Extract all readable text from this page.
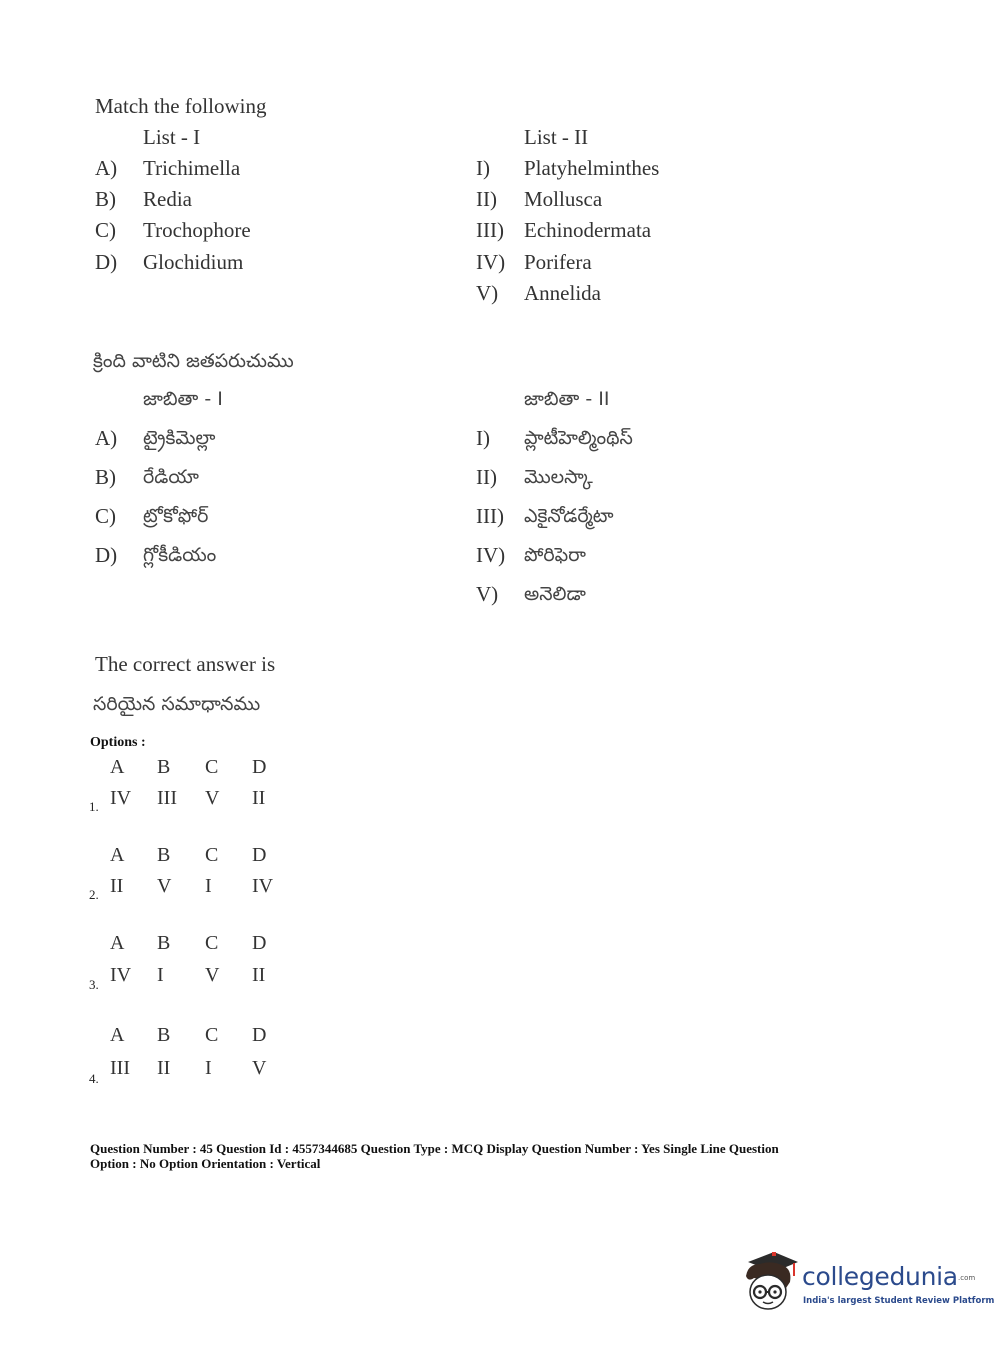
Match the following
List - I	List - II
A) Trichimella
B) Redia
C) Trochophore
D) Glochidium
I) Platyhelminthes
II) Mollusca
III) Echinodermata
IV) Porifera
V) Annelida
క్రింది వాటిని జతపరుచుము
జాబితా - I	జాబితా - II
A) ట్రైకిమెల్లా
B) రేడియా
C) ట్రోకోఫోర్
D) గ్లోకీడియం
I) ప్లాటీహెల్మింథిస్
II) మొలస్కా
III) ఎకైనోడర్మేటా
IV) పోరిఫెరా
V) అనెలిడా
The correct answer is
సరియైన సమాధానము
Options :
A B C D
1. IV III V II
A B C D
2. II V I IV
A B C D
3. IV I V II
A B C D
4. III II I V
Question Number : 45 Question Id : 4557344685 Question Type : MCQ Display Question Number : Yes Single Line Question
Option : No Option Orientation : Vertical
collegedunia .com
India's largest Student Review Platform
